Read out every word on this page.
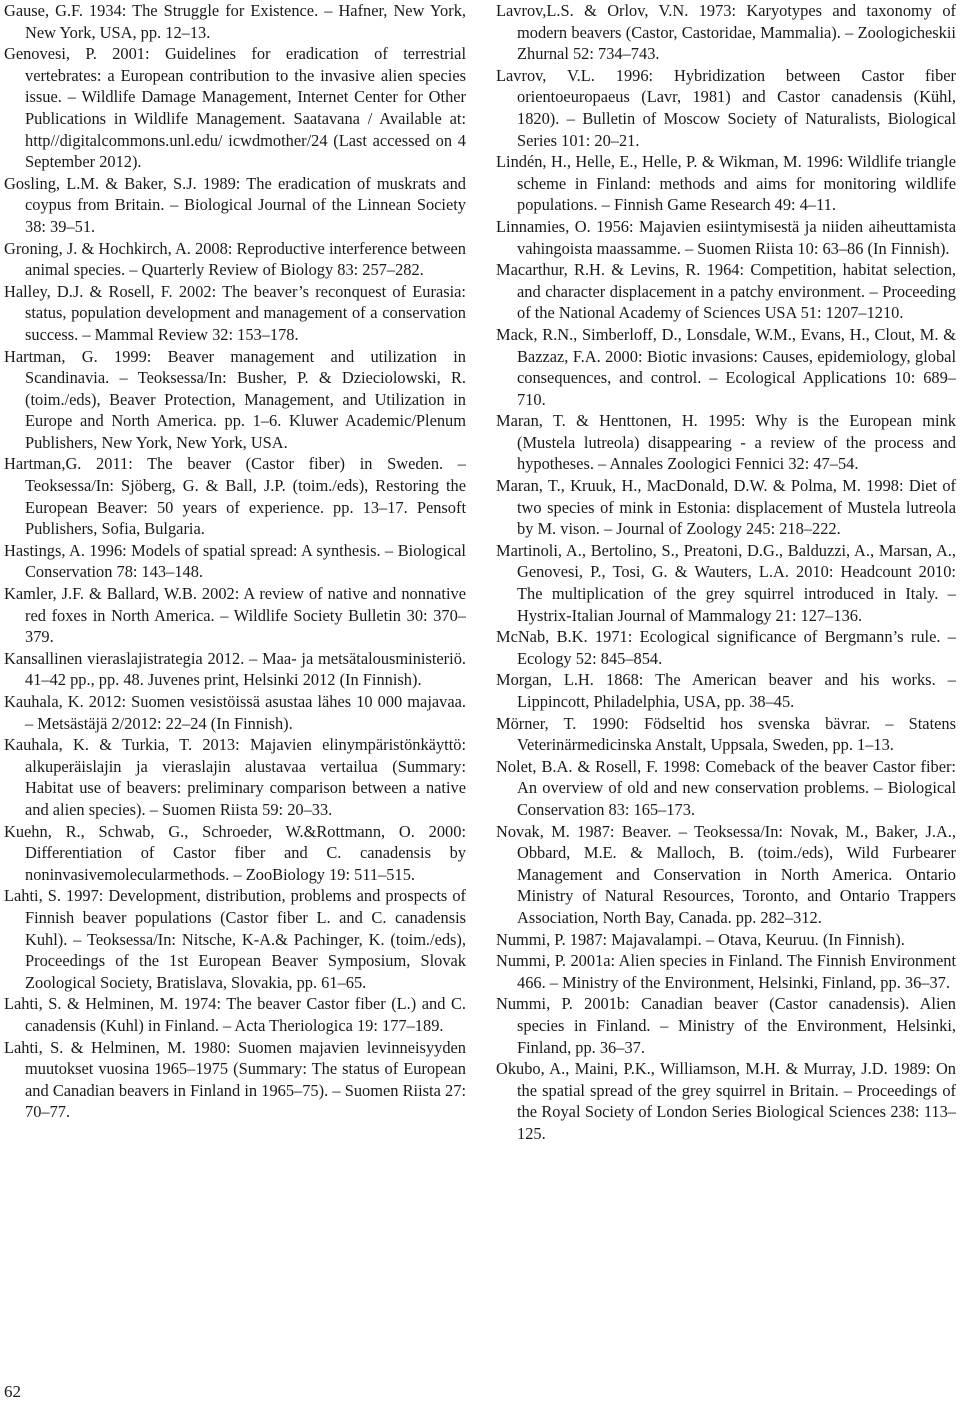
Gause, G.F. 1934: The Struggle for Existence. – Hafner, New York, New York, USA, pp. 12–13.

Genovesi, P. 2001: Guidelines for eradication of terrestrial vertebrates: a European contribution to the invasive alien species issue. – Wildlife Damage Management, Internet Center for Other Publications in Wildlife Management. Saatavana / Available at: http//digitalcommons.unl.edu/ icwdmother/24 (Last accessed on 4 September 2012).

Gosling, L.M. & Baker, S.J. 1989: The eradication of muskrats and coypus from Britain. – Biological Journal of the Linnean Society 38: 39–51.

Groning, J. & Hochkirch, A. 2008: Reproductive interference between animal species. – Quarterly Review of Biology 83: 257–282.

Halley, D.J. & Rosell, F. 2002: The beaver’s reconquest of Eurasia: status, population development and management of a conservation success. – Mammal Review 32: 153–178.

Hartman, G. 1999: Beaver management and utilization in Scandinavia. – Teoksessa/In: Busher, P. & Dzieciolowski, R. (toim./eds), Beaver Protection, Management, and Utilization in Europe and North America. pp. 1–6. Kluwer Academic/Plenum Publishers, New York, New York, USA.

Hartman,G. 2011: The beaver (Castor fiber) in Sweden. – Teoksessa/In: Sjöberg, G. & Ball, J.P. (toim./eds), Restoring the European Beaver: 50 years of experience. pp. 13–17. Pensoft Publishers, Sofia, Bulgaria.

Hastings, A. 1996: Models of spatial spread: A synthesis. – Biological Conservation 78: 143–148.

Kamler, J.F. & Ballard, W.B. 2002: A review of native and nonnative red foxes in North America. – Wildlife Society Bulletin 30: 370–379.

Kansallinen vieraslajistrategia 2012. – Maa- ja metsätalousministeriö. 41–42 pp., pp. 48. Juvenes print, Helsinki 2012 (In Finnish).

Kauhala, K. 2012: Suomen vesistöissä asustaa lähes 10 000 majavaa. – Metsästäjä 2/2012: 22–24 (In Finnish).

Kauhala, K. & Turkia, T. 2013: Majavien elinympäristönkäyttö: alkuperäislajin ja vieraslajin alustavaa vertailua (Summary: Habitat use of beavers: preliminary comparison between a native and alien species). – Suomen Riista 59: 20–33.

Kuehn, R., Schwab, G., Schroeder, W.&Rottmann, O. 2000: Differentiation of Castor fiber and C. canadensis by noninvasivemolecularmethods. – ZooBiology 19: 511–515.

Lahti, S. 1997: Development, distribution, problems and prospects of Finnish beaver populations (Castor fiber L. and C. canadensis Kuhl). – Teoksessa/In: Nitsche, K-A.& Pachinger, K. (toim./eds), Proceedings of the 1st European Beaver Symposium, Slovak Zoological Society, Bratislava, Slovakia, pp. 61–65.

Lahti, S. & Helminen, M. 1974: The beaver Castor fiber (L.) and C. canadensis (Kuhl) in Finland. – Acta Theriologica 19: 177–189.

Lahti, S. & Helminen, M. 1980: Suomen majavien levinneisyyden muutokset vuosina 1965–1975 (Summary: The status of European and Canadian beavers in Finland in 1965–75). – Suomen Riista 27: 70–77.

Lavrov,L.S. & Orlov, V.N. 1973: Karyotypes and taxonomy of modern beavers (Castor, Castoridae, Mammalia). – Zoologicheskii Zhurnal 52: 734–743.

Lavrov, V.L. 1996: Hybridization between Castor fiber orientoeuropaeus (Lavr, 1981) and Castor canadensis (Kühl, 1820). – Bulletin of Moscow Society of Naturalists, Biological Series 101: 20–21.

Lindén, H., Helle, E., Helle, P. & Wikman, M. 1996: Wildlife triangle scheme in Finland: methods and aims for monitoring wildlife populations. – Finnish Game Research 49: 4–11.

Linnamies, O. 1956: Majavien esiintymisestä ja niiden aiheuttamista vahingoista maassamme. – Suomen Riista 10: 63–86 (In Finnish).

Macarthur, R.H. & Levins, R. 1964: Competition, habitat selection, and character displacement in a patchy environment. – Proceeding of the National Academy of Sciences USA 51: 1207–1210.

Mack, R.N., Simberloff, D., Lonsdale, W.M., Evans, H., Clout, M. & Bazzaz, F.A. 2000: Biotic invasions: Causes, epidemiology, global consequences, and control. – Ecological Applications 10: 689–710.

Maran, T. & Henttonen, H. 1995: Why is the European mink (Mustela lutreola) disappearing - a review of the process and hypotheses. – Annales Zoologici Fennici 32: 47–54.

Maran, T., Kruuk, H., MacDonald, D.W. & Polma, M. 1998: Diet of two species of mink in Estonia: displacement of Mustela lutreola by M. vison. – Journal of Zoology 245: 218–222.

Martinoli, A., Bertolino, S., Preatoni, D.G., Balduzzi, A., Marsan, A., Genovesi, P., Tosi, G. & Wauters, L.A. 2010: Headcount 2010: The multiplication of the grey squirrel introduced in Italy. – Hystrix-Italian Journal of Mammalogy 21: 127–136.

McNab, B.K. 1971: Ecological significance of Bergmann’s rule. – Ecology 52: 845–854.

Morgan, L.H. 1868: The American beaver and his works. – Lippincott, Philadelphia, USA, pp. 38–45.

Mörner, T. 1990: Födseltid hos svenska bävrar. – Statens Veterinärmedicinska Anstalt, Uppsala, Sweden, pp. 1–13.

Nolet, B.A. & Rosell, F. 1998: Comeback of the beaver Castor fiber: An overview of old and new conservation problems. – Biological Conservation 83: 165–173.

Novak, M. 1987: Beaver. – Teoksessa/In: Novak, M., Baker, J.A., Obbard, M.E. & Malloch, B. (toim./eds), Wild Furbearer Management and Conservation in North America. Ontario Ministry of Natural Resources, Toronto, and Ontario Trappers Association, North Bay, Canada. pp. 282–312.

Nummi, P. 1987: Majavalampi. – Otava, Keuruu. (In Finnish).

Nummi, P. 2001a: Alien species in Finland. The Finnish Environment 466. – Ministry of the Environment, Helsinki, Finland, pp. 36–37.

Nummi, P. 2001b: Canadian beaver (Castor canadensis). Alien species in Finland. – Ministry of the Environment, Helsinki, Finland, pp. 36–37.

Okubo, A., Maini, P.K., Williamson, M.H. & Murray, J.D. 1989: On the spatial spread of the grey squirrel in Britain. – Proceedings of the Royal Society of London Series Biological Sciences 238: 113–125.

62
